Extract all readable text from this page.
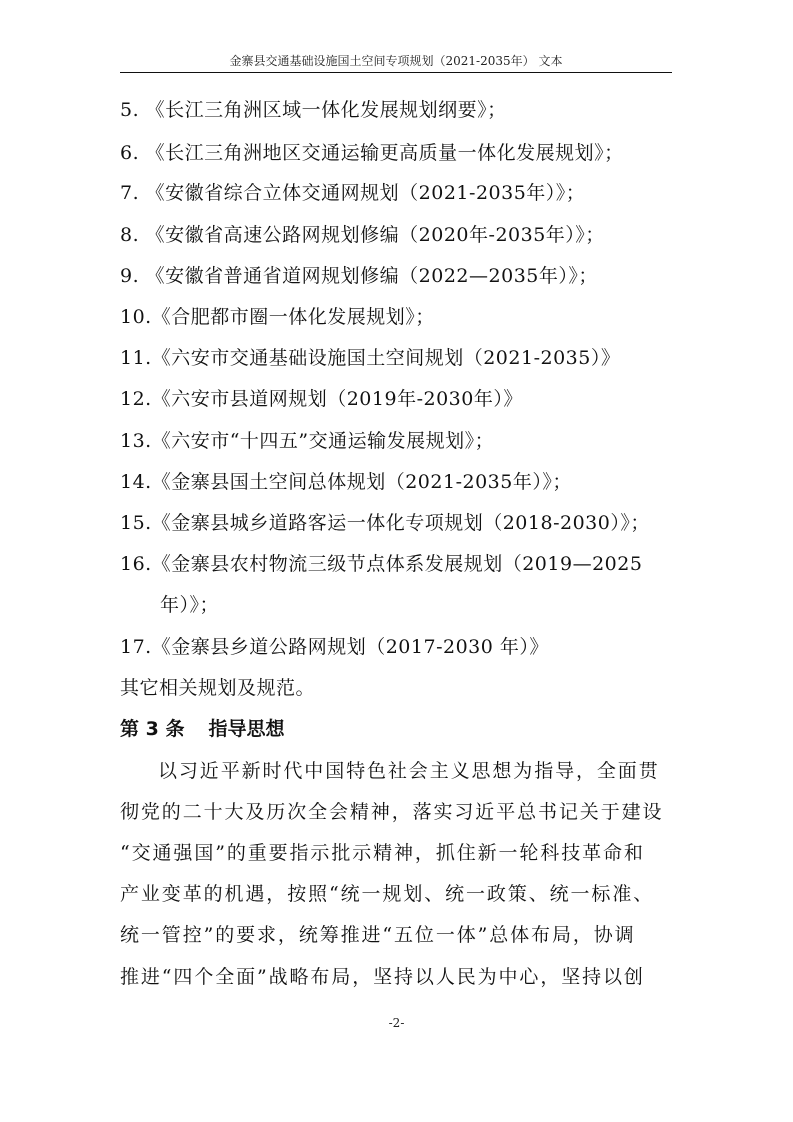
金寨县交通基础设施国土空间专项规划（2021-2035年） 文本
5. 《长江三角洲区域一体化发展规划纲要》；
6. 《长江三角洲地区交通运输更高质量一体化发展规划》；
7. 《安徽省综合立体交通网规划（2021-2035年）》；
8. 《安徽省高速公路网规划修编（2020年-2035年）》；
9. 《安徽省普通省道网规划修编（2022—2035年）》；
10.《合肥都市圈一体化发展规划》；
11.《六安市交通基础设施国土空间规划（2021-2035）》
12.《六安市县道网规划（2019年-2030年）》
13.《六安市“十四五”交通运输发展规划》；
14.《金寨县国土空间总体规划（2021-2035年）》；
15.《金寨县城乡道路客运一体化专项规划（2018-2030）》；
16.《金寨县农村物流三级节点体系发展规划（2019—2025
年）》；
17.《金寨县乡道公路网规划（2017-2030 年）》
其它相关规划及规范。
第 3 条 指导思想
以习近平新时代中国特色社会主义思想为指导，全面贯
彻党的二十大及历次全会精神，落实习近平总书记关于建设
“交通强国”的重要指示批示精神，抓住新一轮科技革命和
产业变革的机遇，按照“统一规划、统一政策、统一标准、
统一管控”的要求，统筹推进“五位一体”总体布局，协调
推进“四个全面”战略布局，坚持以人民为中心，坚持以创
-2-
